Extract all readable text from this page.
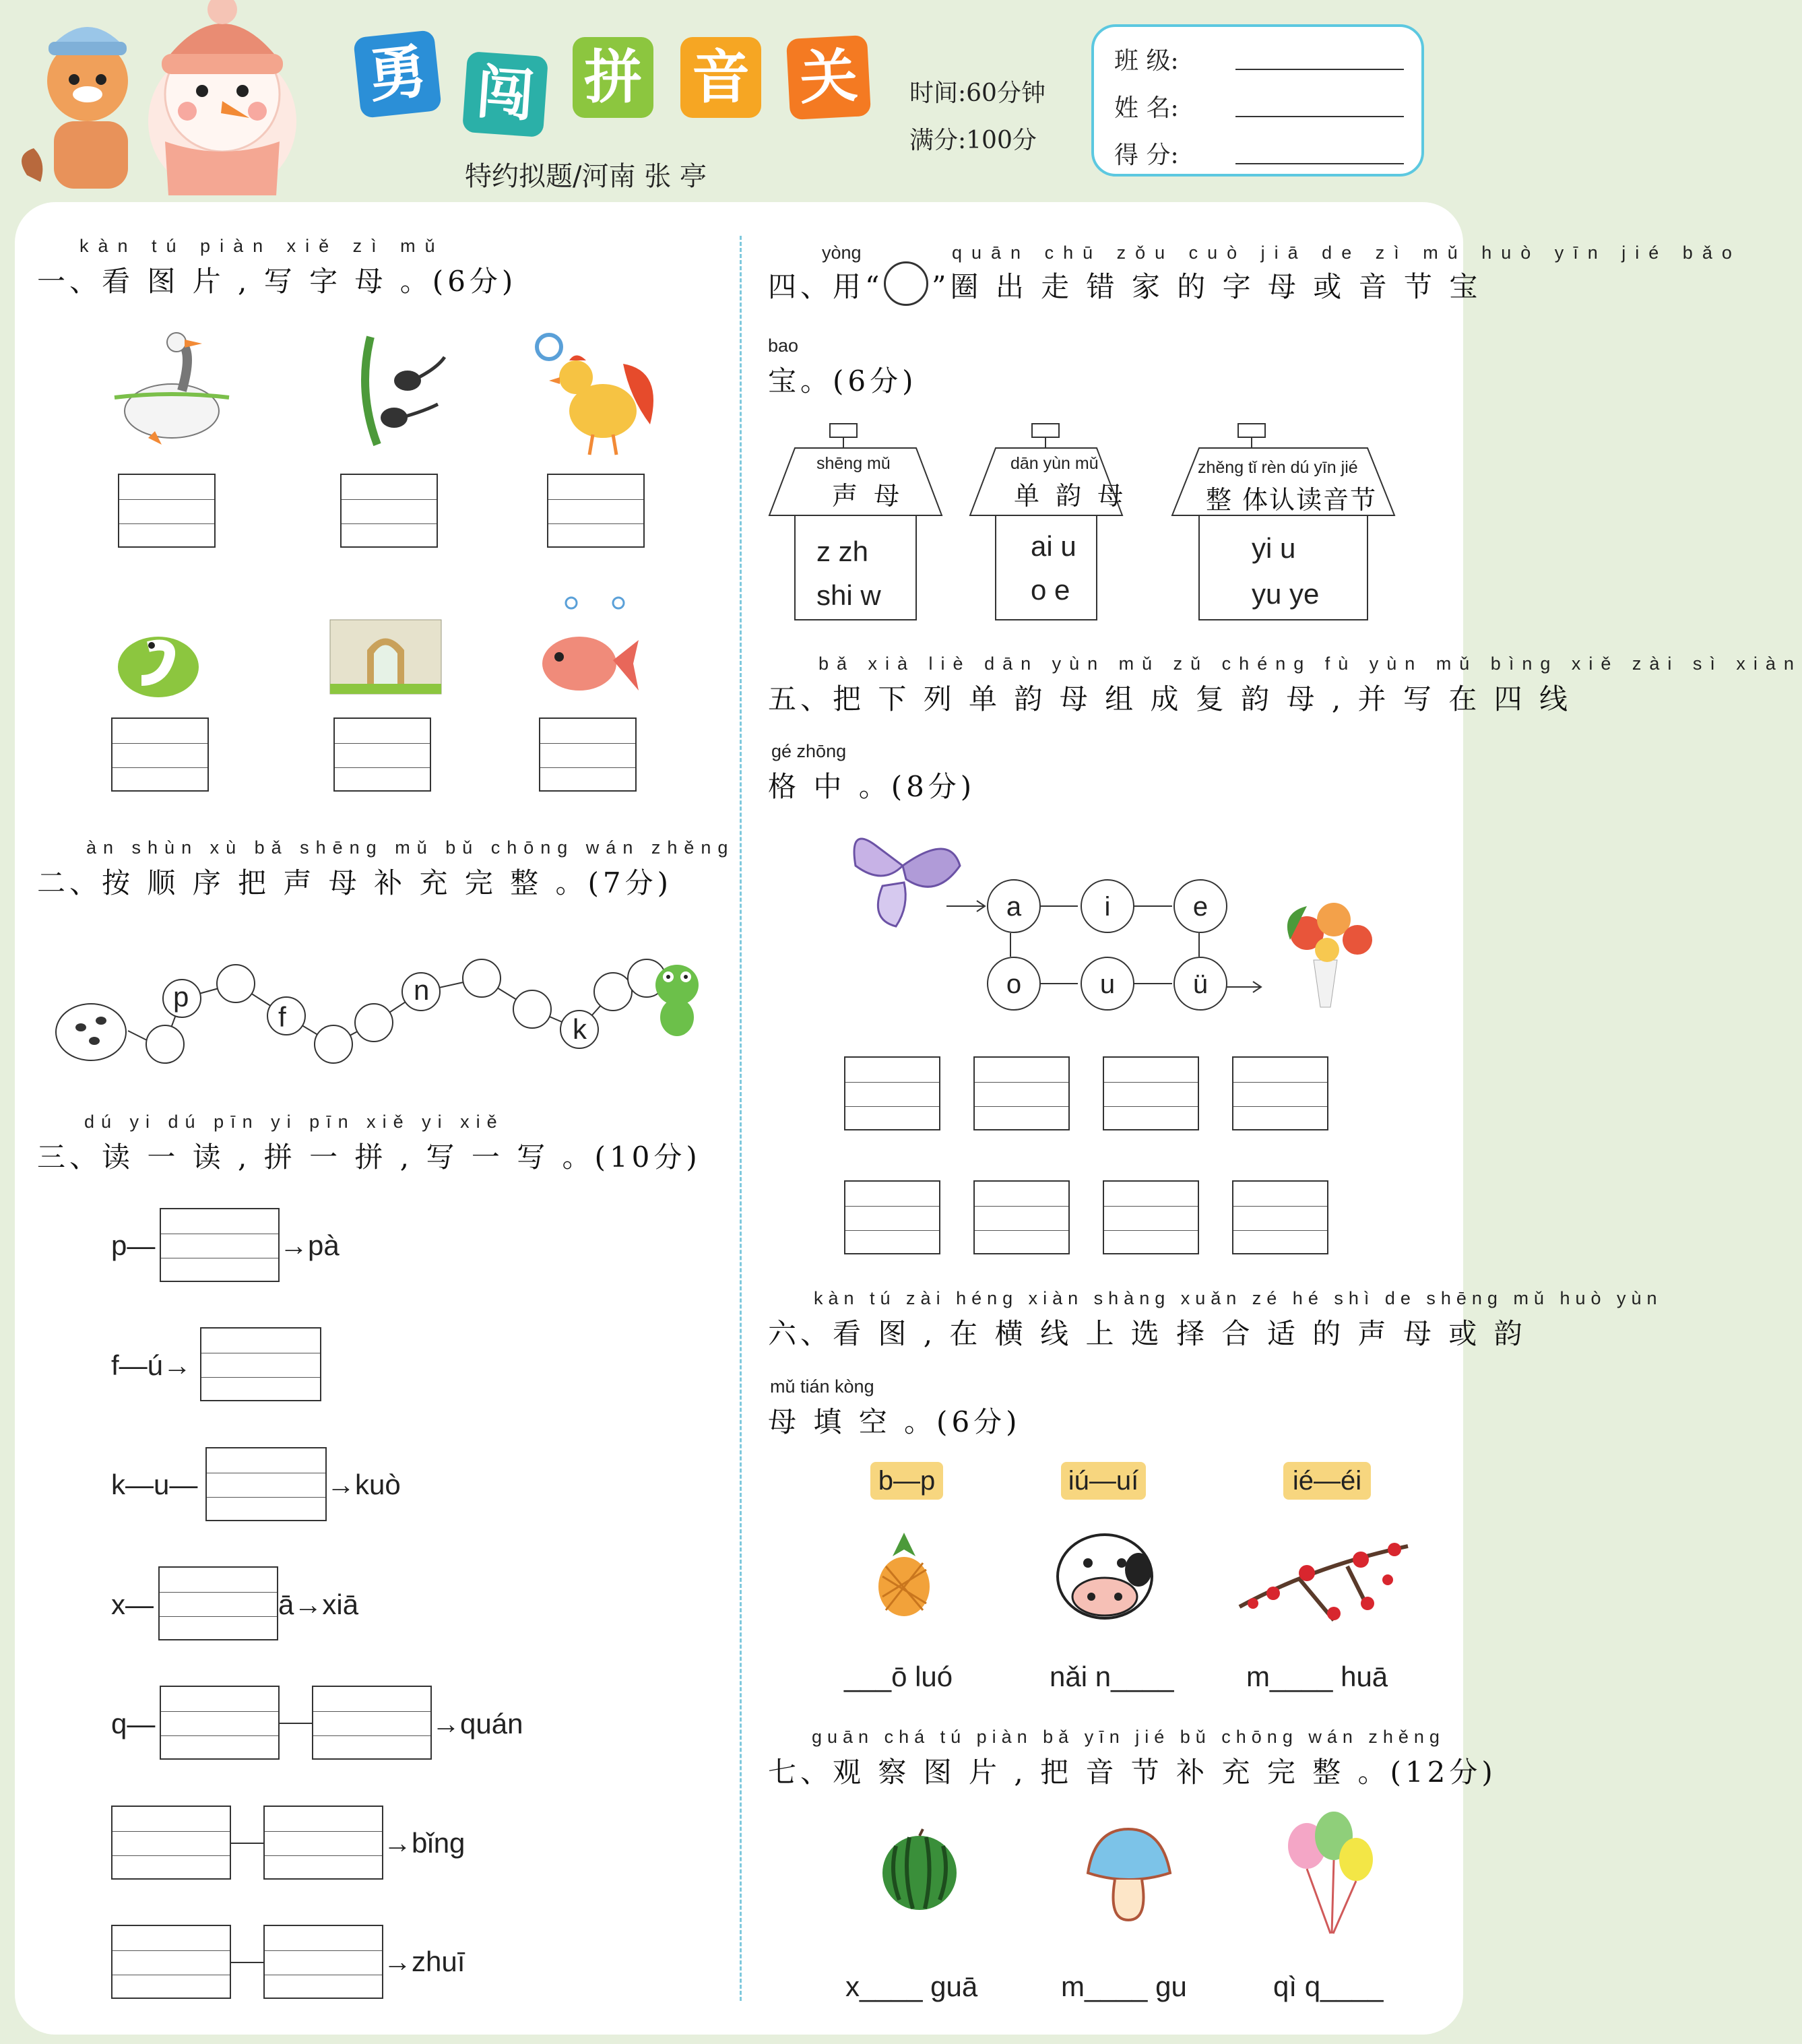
勇 闯 拼 音 关	时间:60分钟
满分:100分
特约拟题/河南 张 亭
班 级:
姓 名:
得 分:
kàn tú piàn xiě zì mǔ
一、看 图 片 , 写 字 母 。(6分)
àn shùn xù bǎ shēng mǔ bǔ chōng wán zhěng
二、按 顺 序 把 声 母 补 充 完 整 。(7分)
p
f
n
k
dú yi dú pīn yi pīn xiě yi xiě
三、读 一 读 , 拼 一 拼 , 写 一 写 。(10分)
p—	→pà
f—ú→
k—u—	→kuò
x—	ā→xiā
q—	→quán
→bǐng
→zhuī
yòng	quān chū zǒu cuò jiā de zì mǔ huò yīn jié bǎo
四、用“ ”圈 出 走 错 家 的 字 母 或 音 节 宝
bao
宝。(6分)
shēng mǔ
声 母
z zh
shi w
dān yùn mǔ
单 韵 母
ai u
o e
zhěng tǐ rèn dú yīn jié
整 体认读音节
yi u
yu ye
bǎ xià liè dān yùn mǔ zǔ chéng fù yùn mǔ bìng xiě zài sì xiàn
五、把 下 列 单 韵 母 组 成 复 韵 母 , 并 写 在 四 线
gé zhōng
格 中 。(8分)
a	i	e
o	u	ü
kàn tú zài héng xiàn shàng xuǎn zé hé shì de shēng mǔ huò yùn
六、看 图 , 在 横 线 上 选 择 合 适 的 声 母 或 韵
mǔ tián kòng
母 填 空 。(6分)
b—p	iú—uí	ié—éi
___ō luó	nǎi n____	m____ huā
guān chá tú piàn bǎ yīn jié bǔ chōng wán zhěng
七、观 察 图 片 , 把 音 节 补 充 完 整 。(12分)
x____ guā	m____ gu	qì q____
